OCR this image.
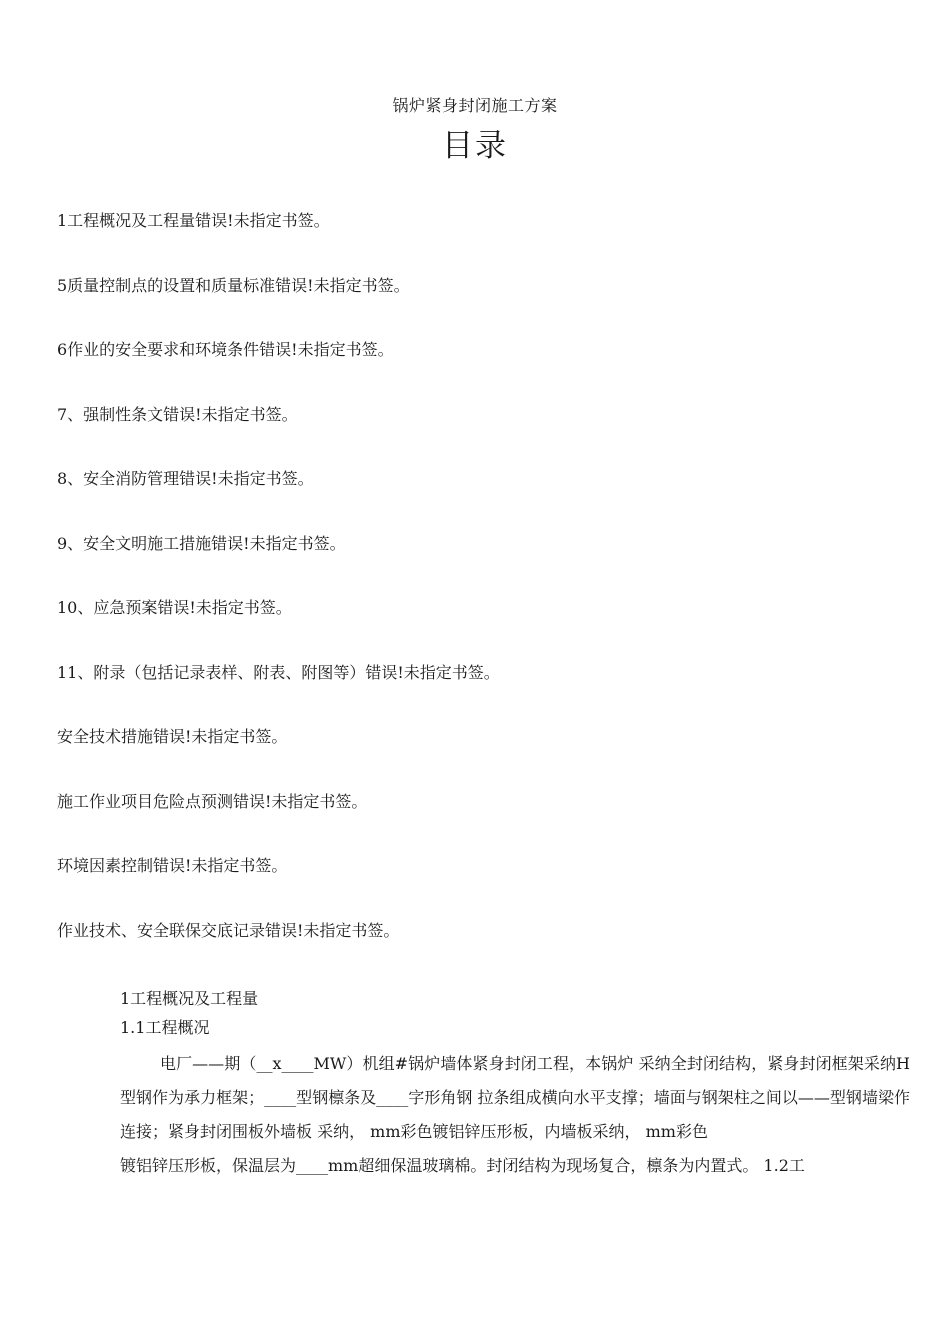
锅炉紧身封闭施工方案
目录
1工程概况及工程量错误!未指定书签。
5质量控制点的设置和质量标准错误!未指定书签。
6作业的安全要求和环境条件错误!未指定书签。
7、强制性条文错误!未指定书签。
8、安全消防管理错误!未指定书签。
9、安全文明施工措施错误!未指定书签。
10、应急预案错误!未指定书签。
11、附录（包括记录表样、附表、附图等）错误!未指定书签。
安全技术措施错误!未指定书签。
施工作业项目危险点预测错误!未指定书签。
环境因素控制错误!未指定书签。
作业技术、安全联保交底记录错误!未指定书签。
1工程概况及工程量
1.1工程概况

电厂——期（__x____MW）机组#锅炉墙体紧身封闭工程，本锅炉 采纳全封闭结构，紧身封闭框架采纳H型钢作为承力框架；____型钢檩条及____字形角钢 拉条组成横向水平支撑；墙面与钢架柱之间以——型钢墙梁作连接；紧身封闭围板外墙板 采纳， mm彩色镀铝锌压形板，内墙板采纳， mm彩色

镀铝锌压形板，保温层为____mm超细保温玻璃棉。封闭结构为现场复合，檩条为内置式。 1.2工
